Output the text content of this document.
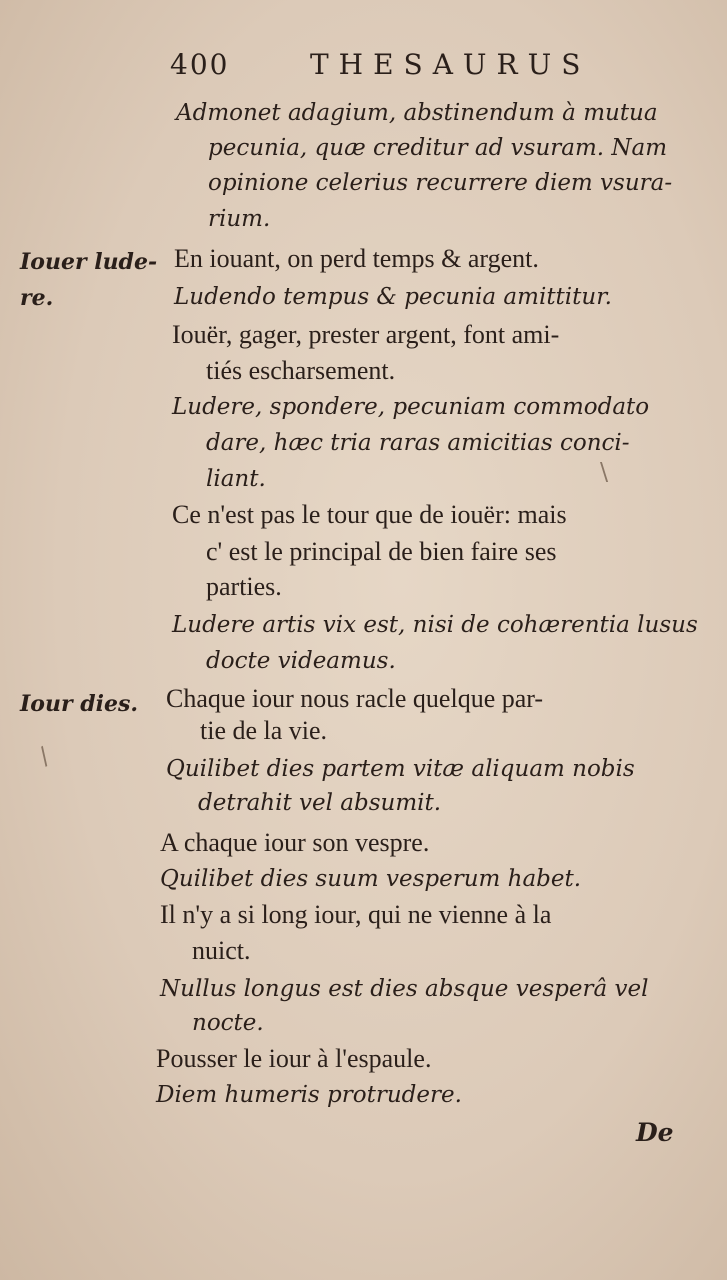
400	THESAURUS
Iouer lude-
re.
Iour dies.
Admonet adagium, abstinendum à mutua
pecunia, quæ creditur ad vsuram. Nam
opinione celerius recurrere diem vsura-
rium.
En iouant, on perd temps & argent.
Ludendo tempus & pecunia amittitur.
Iouër, gager, prester argent, font ami-
tiés escharsement.
Ludere, spondere, pecuniam commodato
dare, hæc tria raras amicitias conci-
liant.
Ce n'est pas le tour que de iouër: mais
c' est le principal de bien faire ses
parties.
Ludere artis vix est, nisi de cohærentia lusus
docte videamus.
Chaque iour nous racle quelque par-
tie de la vie.
Quilibet dies partem vitæ aliquam nobis
detrahit vel absumit.
A chaque iour son vespre.
Quilibet dies suum vesperum habet.
Il n'y a si long iour, qui ne vienne à la
nuict.
Nullus longus est dies absque vesperâ vel
nocte.
Pousser le iour à l'espaule.
Diem humeris protrudere.
De
/
\
